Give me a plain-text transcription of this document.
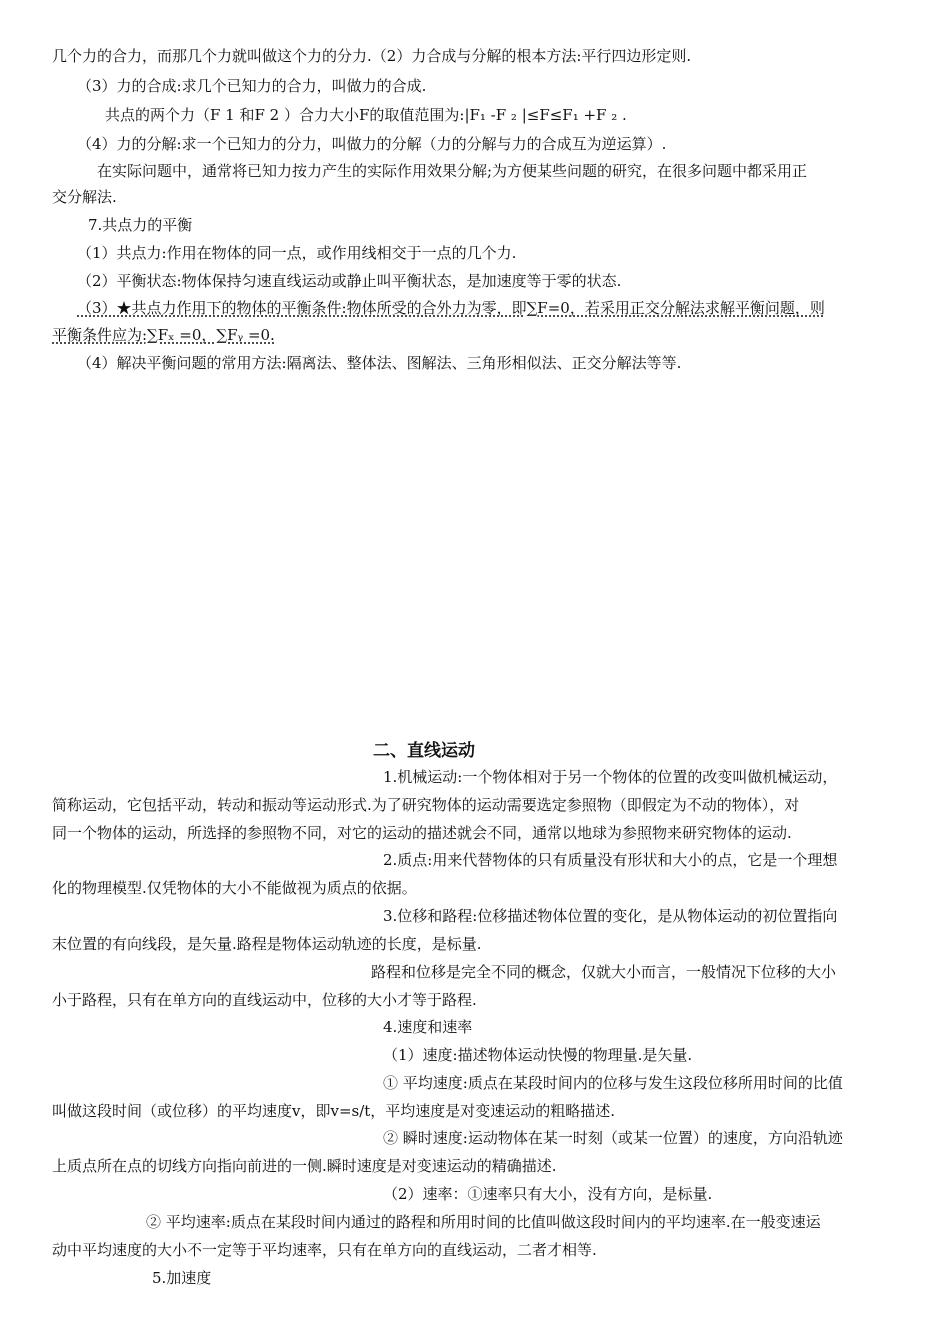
几个力的合力，而那几个力就叫做这个力的分力.（2）力合成与分解的根本方法:平行四边形定则.
（3）力的合成:求几个已知力的合力，叫做力的合成.
共点的两个力（F 1 和F 2 ）合力大小F的取值范围为:|F₁ -F ₂ |≤F≤F₁ +F ₂ .
（4）力的分解:求一个已知力的分力，叫做力的分解（力的分解与力的合成互为逆运算）.
在实际问题中，通常将已知力按力产生的实际作用效果分解;为方便某些问题的研究，在很多问题中都采用正
交分解法.
7.共点力的平衡
（1）共点力:作用在物体的同一点，或作用线相交于一点的几个力.
（2）平衡状态:物体保持匀速直线运动或静止叫平衡状态，是加速度等于零的状态.
（3）★共点力作用下的物体的平衡条件:物体所受的合外力为零，即∑F=0，若采用正交分解法求解平衡问题，则
平衡条件应为:∑Fₓ =0，∑Fᵧ =0.
（4）解决平衡问题的常用方法:隔离法、整体法、图解法、三角形相似法、正交分解法等等.
二、直线运动
1.机械运动:一个物体相对于另一个物体的位置的改变叫做机械运动，
简称运动，它包括平动，转动和振动等运动形式.为了研究物体的运动需要选定参照物（即假定为不动的物体），对
同一个物体的运动，所选择的参照物不同，对它的运动的描述就会不同，通常以地球为参照物来研究物体的运动.
2.质点:用来代替物体的只有质量没有形状和大小的点，它是一个理想
化的物理模型.仅凭物体的大小不能做视为质点的依据。
3.位移和路程:位移描述物体位置的变化，是从物体运动的初位置指向
末位置的有向线段，是矢量.路程是物体运动轨迹的长度，是标量.
路程和位移是完全不同的概念，仅就大小而言，一般情况下位移的大小
小于路程，只有在单方向的直线运动中，位移的大小才等于路程.
4.速度和速率
（1）速度:描述物体运动快慢的物理量.是矢量.
① 平均速度:质点在某段时间内的位移与发生这段位移所用时间的比值
叫做这段时间（或位移）的平均速度v，即v=s/t，平均速度是对变速运动的粗略描述.
② 瞬时速度:运动物体在某一时刻（或某一位置）的速度，方向沿轨迹
上质点所在点的切线方向指向前进的一侧.瞬时速度是对变速运动的精确描述.
（2）速率：①速率只有大小，没有方向，是标量.
② 平均速率:质点在某段时间内通过的路程和所用时间的比值叫做这段时间内的平均速率.在一般变速运
动中平均速度的大小不一定等于平均速率，只有在单方向的直线运动，二者才相等.
5.加速度
